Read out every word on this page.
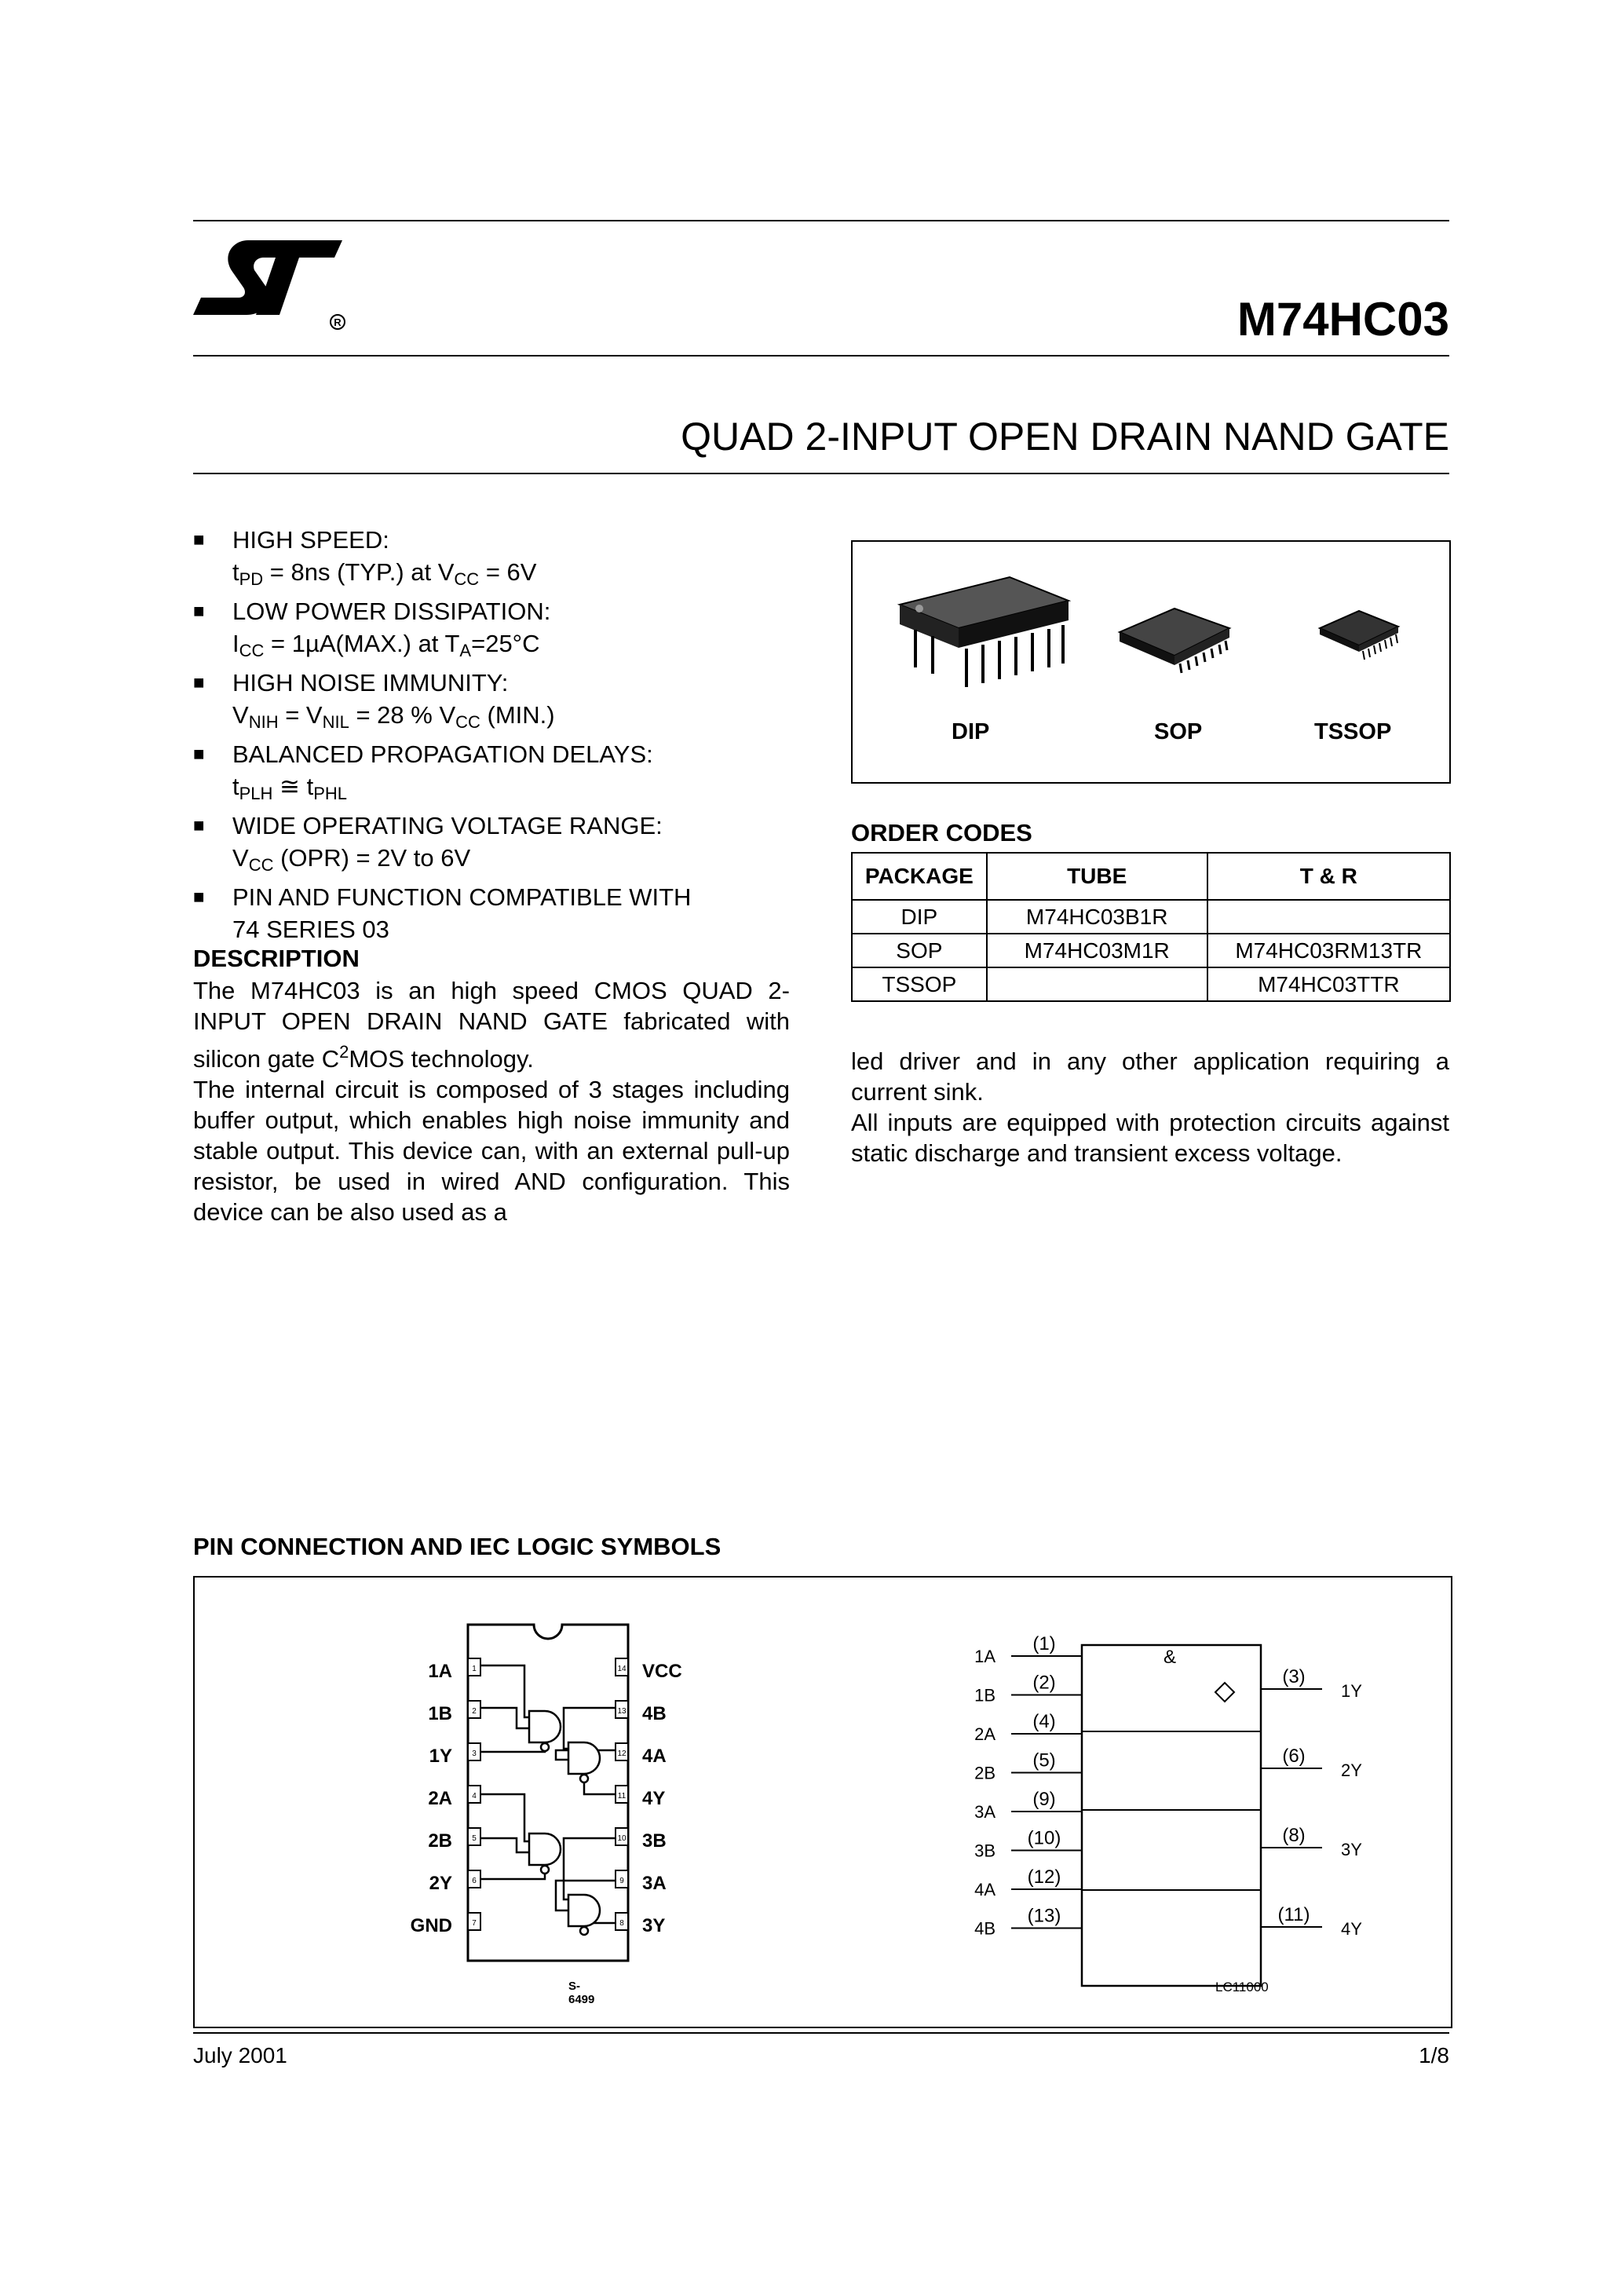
R	M74HC03
QUAD 2-INPUT OPEN DRAIN NAND GATE
■ HIGH SPEED:
$t_{PD} = 8ns$ (TYP.) at $V_{CC} = 6V$
■ LOW POWER DISSIPATION:
$I_{CC} = 1\mu A(MAX.)$ at $T_A=25^\circ C$
■ HIGH NOISE IMMUNITY:
$V_{NIH} = V_{NIL} = 28$ % $V_{CC}$ (MIN.)
■ BALANCED PROPAGATION DELAYS:
$t_{PLH}$ ≅ $t_{PHL}$
■ WIDE OPERATING VOLTAGE RANGE:
$V_{CC}$ (OPR) = 2V to 6V
■ PIN AND FUNCTION COMPATIBLE WITH
74 SERIES 03
DIP	SOP	TSSOP
ORDER CODES
PACKAGE	TUBE	T & R
DIP	M74HC03B1R	
SOP	M74HC03M1R	M74HC03RM13TR
TSSOP		M74HC03TTR
DESCRIPTION
The M74HC03 is an high speed CMOS QUAD 2-INPUT OPEN DRAIN NAND GATE fabricated with silicon gate $C^2MOS$ technology.
The internal circuit is composed of 3 stages including buffer output, which enables high noise immunity and stable output. This device can, with an external pull-up resistor, be used in wired AND configuration. This device can be also used as a
led driver and in any other application requiring a current sink.
All inputs are equipped with protection circuits against static discharge and transient excess voltage.
PIN CONNECTION AND IEC LOGIC SYMBOLS
1	14
2	13
3	12
4	11
5	10
6	9
7	8
1A
(1)
1B
(2)
2A
(4)
2B
(5)
3A
(9)
3B
(10)
4A
(12)
4B
(13)
1Y
(3)
2Y
(6)
3Y
(8)
4Y
(11)
1A
1B
1Y
2A
2B
2Y
GND
VCC
4B
4A
4Y
3B
3A
3Y
S-6499
LC11000
&
July 2001	1/8
